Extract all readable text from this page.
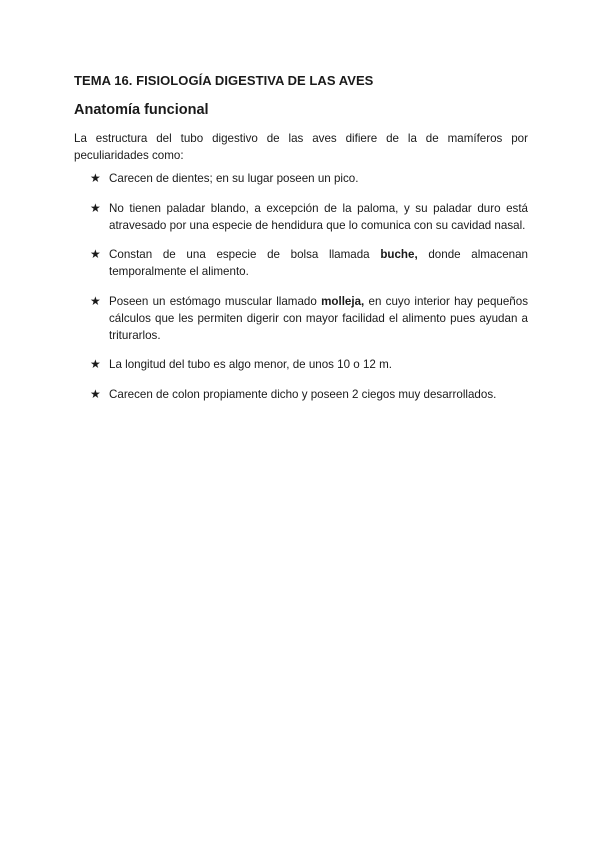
TEMA 16. FISIOLOGÍA DIGESTIVA DE LAS AVES
Anatomía funcional

La estructura del tubo digestivo de las aves difiere de la de mamíferos por peculiaridades como:

★ Carecen de dientes; en su lugar poseen un pico.
★ No tienen paladar blando, a excepción de la paloma, y su paladar duro está atravesado por una especie de hendidura que lo comunica con su cavidad nasal.
★ Constan de una especie de bolsa llamada buche, donde almacenan temporalmente el alimento.
★ Poseen un estómago muscular llamado molleja, en cuyo interior hay pequeños cálculos que les permiten digerir con mayor facilidad el alimento pues ayudan a triturarlos.
★ La longitud del tubo es algo menor, de unos 10 o 12 m.
★ Carecen de colon propiamente dicho y poseen 2 ciegos muy desarrollados.
